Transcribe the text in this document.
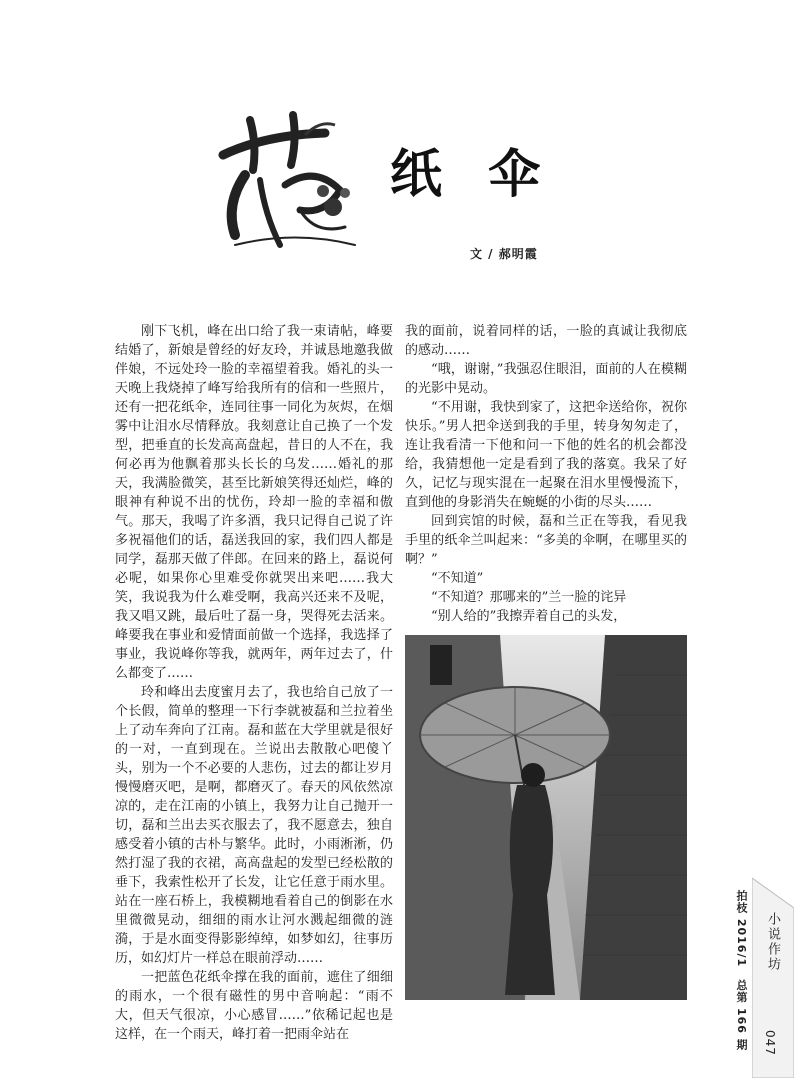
纸 伞
文 / 郝明霞

刚下飞机，峰在出口给了我一束请帖，峰要结婚了，新娘是曾经的好友玲，并诚恳地邀我做伴娘，不远处玲一脸的幸福望着我。婚礼的头一天晚上我烧掉了峰写给我所有的信和一些照片，还有一把花纸伞，连同往事一同化为灰烬，在烟雾中让泪水尽情释放。我刻意让自己换了一个发型，把垂直的长发高高盘起，昔日的人不在，我何必再为他飘着那头长长的乌发……婚礼的那天，我满脸微笑，甚至比新娘笑得还灿烂，峰的眼神有种说不出的忧伤，玲却一脸的幸福和傲气。那天，我喝了许多酒，我只记得自己说了许多祝福他们的话，磊送我回的家，我们四人都是同学，磊那天做了伴郎。在回来的路上，磊说何必呢，如果你心里难受你就哭出来吧……我大笑，我说我为什么难受啊，我高兴还来不及呢，我又唱又跳，最后吐了磊一身，哭得死去活来。峰要我在事业和爱情面前做一个选择，我选择了事业，我说峰你等我，就两年，两年过去了，什么都变了……

玲和峰出去度蜜月去了，我也给自己放了一个长假，简单的整理一下行李就被磊和兰拉着坐上了动车奔向了江南。磊和蓝在大学里就是很好的一对，一直到现在。兰说出去散散心吧傻丫头，别为一个不必要的人悲伤，过去的都让岁月慢慢磨灭吧，是啊，都磨灭了。春天的风依然凉凉的，走在江南的小镇上，我努力让自己抛开一切，磊和兰出去买衣服去了，我不愿意去，独自感受着小镇的古朴与繁华。此时，小雨淅淅，仍然打湿了我的衣裙，高高盘起的发型已经松散的垂下，我索性松开了长发，让它任意于雨水里。站在一座石桥上，我模糊地看着自己的倒影在水里微微晃动，细细的雨水让河水溅起细微的涟漪，于是水面变得影影绰绰，如梦如幻，往事历历，如幻灯片一样总在眼前浮动……

一把蓝色花纸伞撑在我的面前，遮住了细细的雨水，一个很有磁性的男中音响起：“雨不大，但天气很凉，小心感冒……”依稀记起也是这样，在一个雨天，峰打着一把雨伞站在

我的面前，说着同样的话，一脸的真诚让我彻底的感动……

“哦，谢谢，”我强忍住眼泪，面前的人在模糊的光影中晃动。

“不用谢，我快到家了，这把伞送给你，祝你快乐。”男人把伞送到我的手里，转身匆匆走了，连让我看清一下他和问一下他的姓名的机会都没给，我猜想他一定是看到了我的落寞。我呆了好久，记忆与现实混在一起聚在泪水里慢慢流下，直到他的身影消失在蜿蜒的小街的尽头……

回到宾馆的时候，磊和兰正在等我，看见我手里的纸伞兰叫起来：“多美的伞啊，在哪里买的啊？”

“不知道”

“不知道？那哪来的”兰一脸的诧异

“别人给的”我擦弄着自己的头发，

拍枝 2016/1　总第 166 期 小说作坊
047
